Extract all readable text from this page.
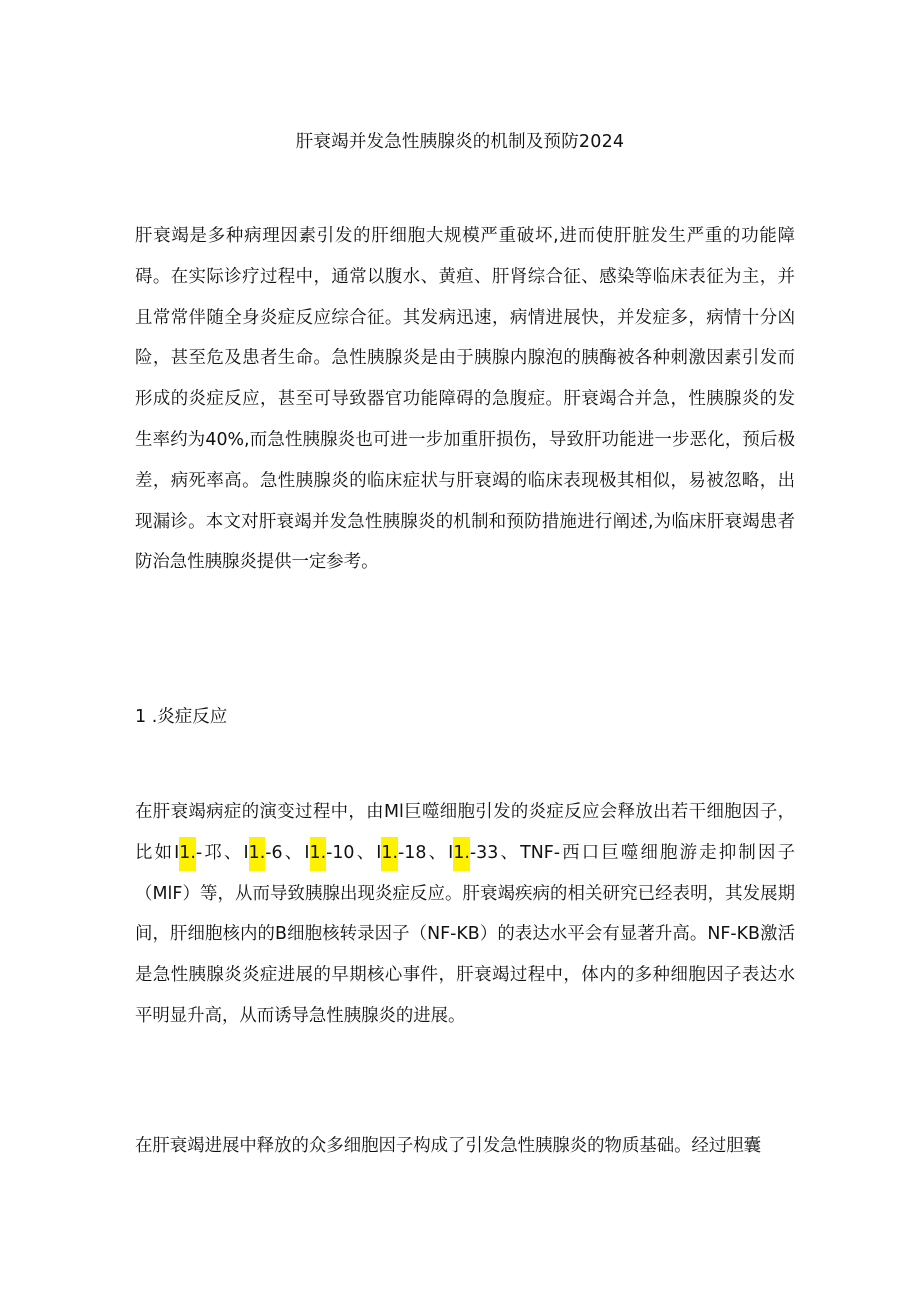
肝衰竭并发急性胰腺炎的机制及预防2024

肝衰竭是多种病理因素引发的肝细胞大规模严重破坏,进而使肝脏发生严重的功能障碍。在实际诊疗过程中，通常以腹水、黄疸、肝肾综合征、感染等临床表征为主，并且常常伴随全身炎症反应综合征。其发病迅速，病情进展快，并发症多，病情十分凶险，甚至危及患者生命。急性胰腺炎是由于胰腺内腺泡的胰酶被各种刺激因素引发而形成的炎症反应，甚至可导致器官功能障碍的急腹症。肝衰竭合并急，性胰腺炎的发生率约为40%,而急性胰腺炎也可进一步加重肝损伤，导致肝功能进一步恶化，预后极差，病死率高。急性胰腺炎的临床症状与肝衰竭的临床表现极其相似，易被忽略，出现漏诊。本文对肝衰竭并发急性胰腺炎的机制和预防措施进行阐述,为临床肝衰竭患者防治急性胰腺炎提供一定参考。

1 .炎症反应

在肝衰竭病症的演变过程中，由Ml巨噬细胞引发的炎症反应会释放出若干细胞因子，比如I1.-邛、I1.-6、I1.-10、I1.-18、I1.-33、TNF-西口巨噬细胞游走抑制因子（MlF）等，从而导致胰腺出现炎症反应。肝衰竭疾病的相关研究已经表明，其发展期间，肝细胞核内的B细胞核转录因子（NF-KB）的表达水平会有显著升高。NF-KB激活是急性胰腺炎炎症进展的早期核心事件，肝衰竭过程中，体内的多种细胞因子表达水平明显升高，从而诱导急性胰腺炎的进展。

在肝衰竭进展中释放的众多细胞因子构成了引发急性胰腺炎的物质基础。经过胆囊
